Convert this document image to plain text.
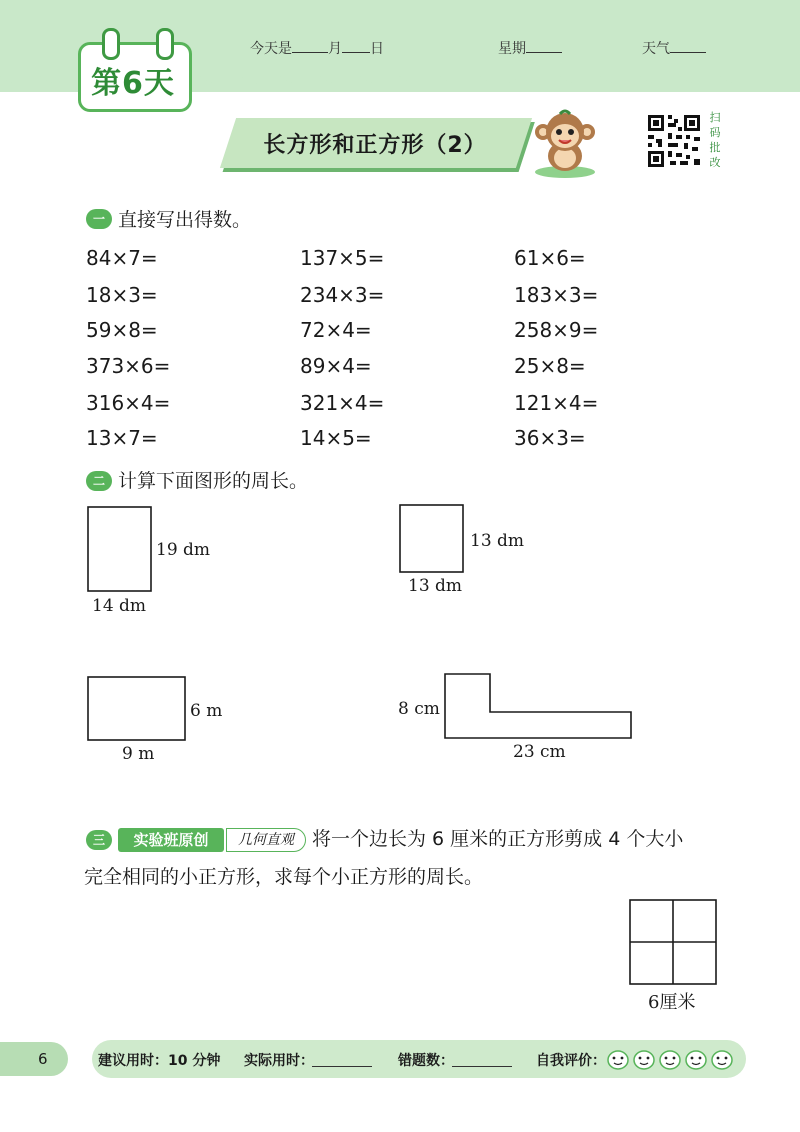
第6天
今天是	月 日	星期	天气
长方形和正方形（2）
扫
码
批
改
一 直接写出得数。
84×7=	137×5=	61×6=
18×3=	234×3=	183×3=
59×8=	72×4=	258×9=
373×6=	89×4=	25×8=
316×4=	321×4=	121×4=
13×7=	14×5=	36×3=
二 计算下面图形的周长。
19 dm
14 dm
13 dm
13 dm
6 m
9 m
8 cm
23 cm
三	实验班原创	几何直观 将一个边长为 6 厘米的正方形剪成 4 个大小
完全相同的小正方形，求每个小正方形的周长。
6厘米
6	建议用时：10 分钟 实际用时：	错题数：	自我评价：
